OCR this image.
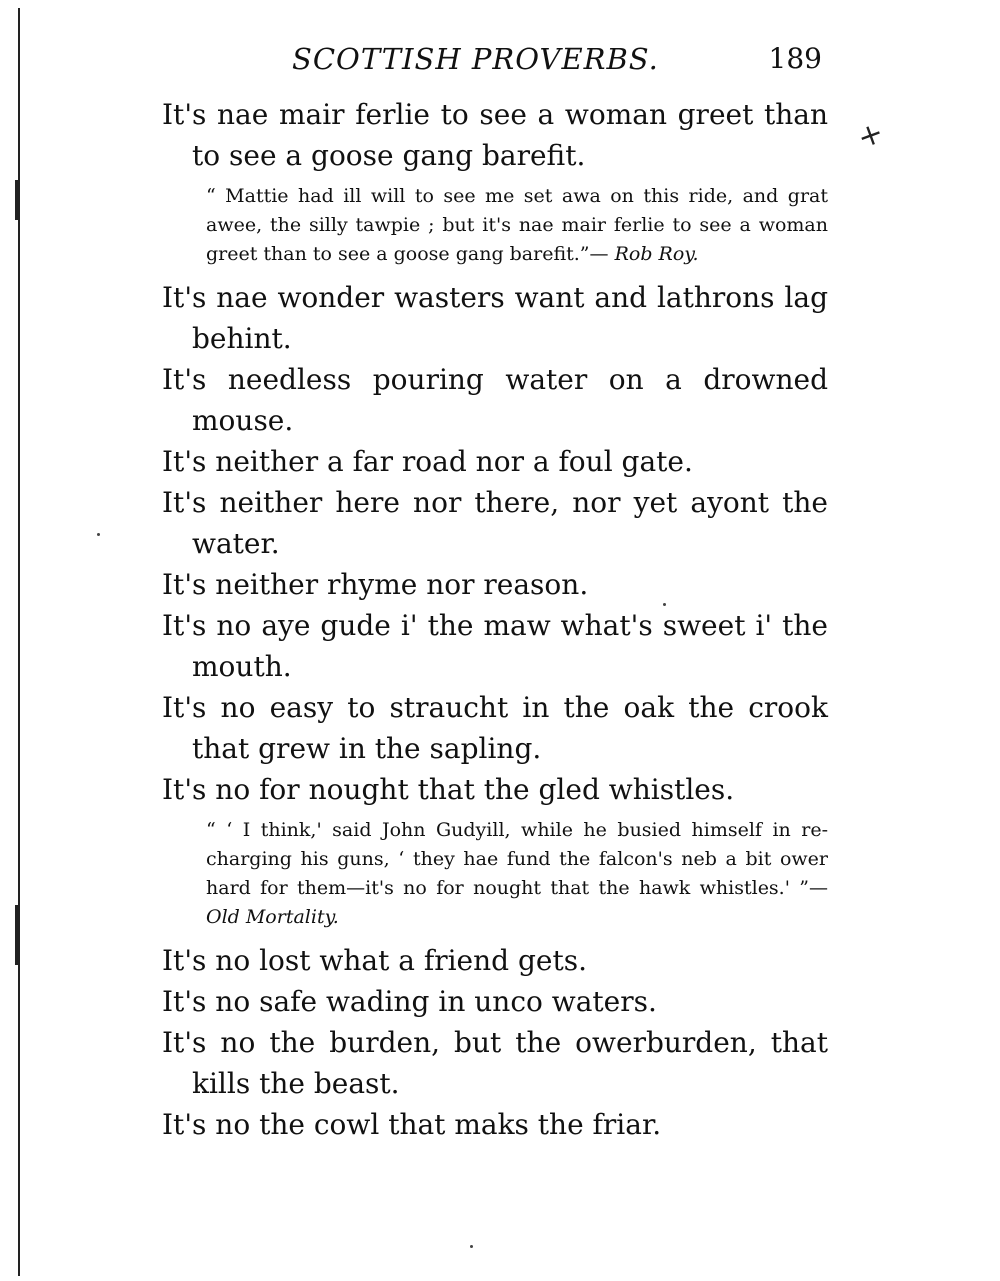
+
SCOTTISH PROVERBS.	189

It's nae mair ferlie to see a woman greet than to see a goose gang barefit.

“ Mattie had ill will to see me set awa on this ride, and grat awee, the silly tawpie ; but it's nae mair ferlie to see a woman greet than to see a goose gang barefit.”— Rob Roy.

It's nae wonder wasters want and lathrons lag behint.

It's needless pouring water on a drowned mouse.

It's neither a far road nor a foul gate.

It's neither here nor there, nor yet ayont the water.

It's neither rhyme nor reason.

It's no aye gude i' the maw what's sweet i' the mouth.

It's no easy to straucht in the oak the crook that grew in the sapling.

It's no for nought that the gled whistles.

“ ‘ I think,' said John Gudyill, while he busied himself in re-charging his guns, ‘ they hae fund the falcon's neb a bit ower hard for them—it's no for nought that the hawk whistles.' ”— Old Mortality.

It's no lost what a friend gets.

It's no safe wading in unco waters.

It's no the burden, but the owerburden, that kills the beast.

It's no the cowl that maks the friar.
